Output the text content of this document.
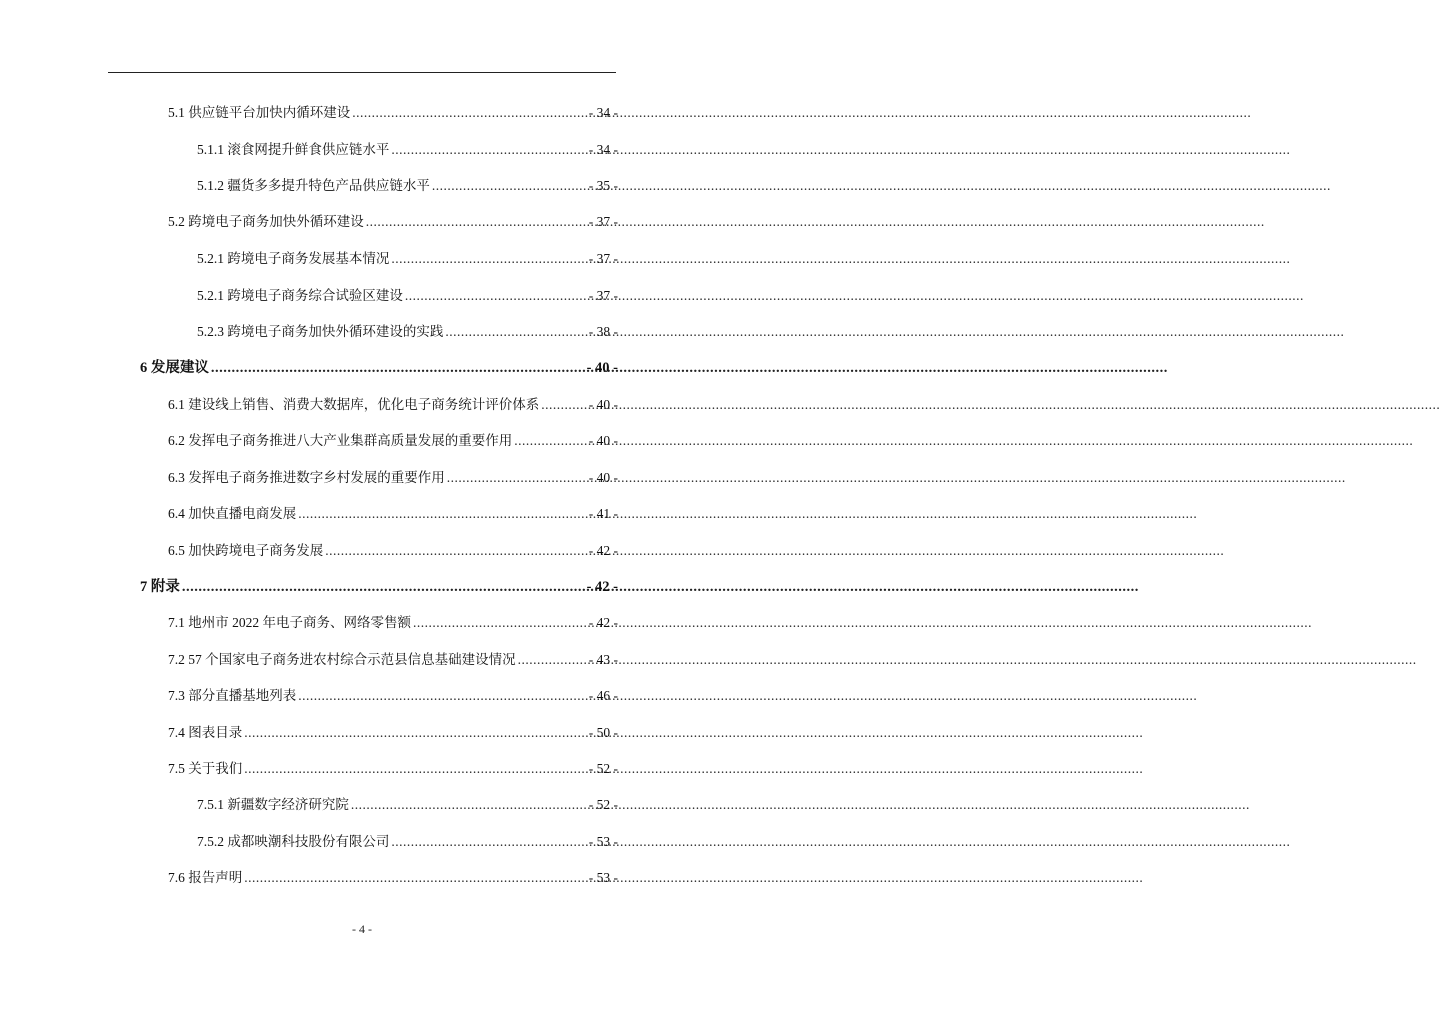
5.1 供应链平台加快内循环建设 .....	- 34 -
5.1.1 滚食网提升鲜食供应链水平 .....	- 34 -
5.1.2 疆货多多提升特色产品供应链水平 .....	- 35 -
5.2 跨境电子商务加快外循环建设 .....	- 37 -
5.2.1 跨境电子商务发展基本情况 .....	- 37 -
5.2.1 跨境电子商务综合试验区建设 .....	- 37 -
5.2.3 跨境电子商务加快外循环建设的实践 .....	- 38 -
6 发展建议 .....	- 40 -
6.1 建设线上销售、消费大数据库，优化电子商务统计评价体系 .....	- 40 -
6.2 发挥电子商务推进八大产业集群高质量发展的重要作用 .....	- 40 -
6.3 发挥电子商务推进数字乡村发展的重要作用 .....	- 40 -
6.4 加快直播电商发展 .....	- 41 -
6.5 加快跨境电子商务发展 .....	- 42 -
7 附录 .....	- 42 -
7.1 地州市 2022 年电子商务、网络零售额 .....	- 42 -
7.2 57 个国家电子商务进农村综合示范县信息基础建设情况 .....	- 43 -
7.3 部分直播基地列表 .....	- 46 -
7.4 图表目录 .....	- 50 -
7.5 关于我们 .....	- 52 -
7.5.1 新疆数字经济研究院 .....	- 52 -
7.5.2 成都映潮科技股份有限公司 .....	- 53 -
7.6 报告声明 .....	- 53 -
- 4 -
